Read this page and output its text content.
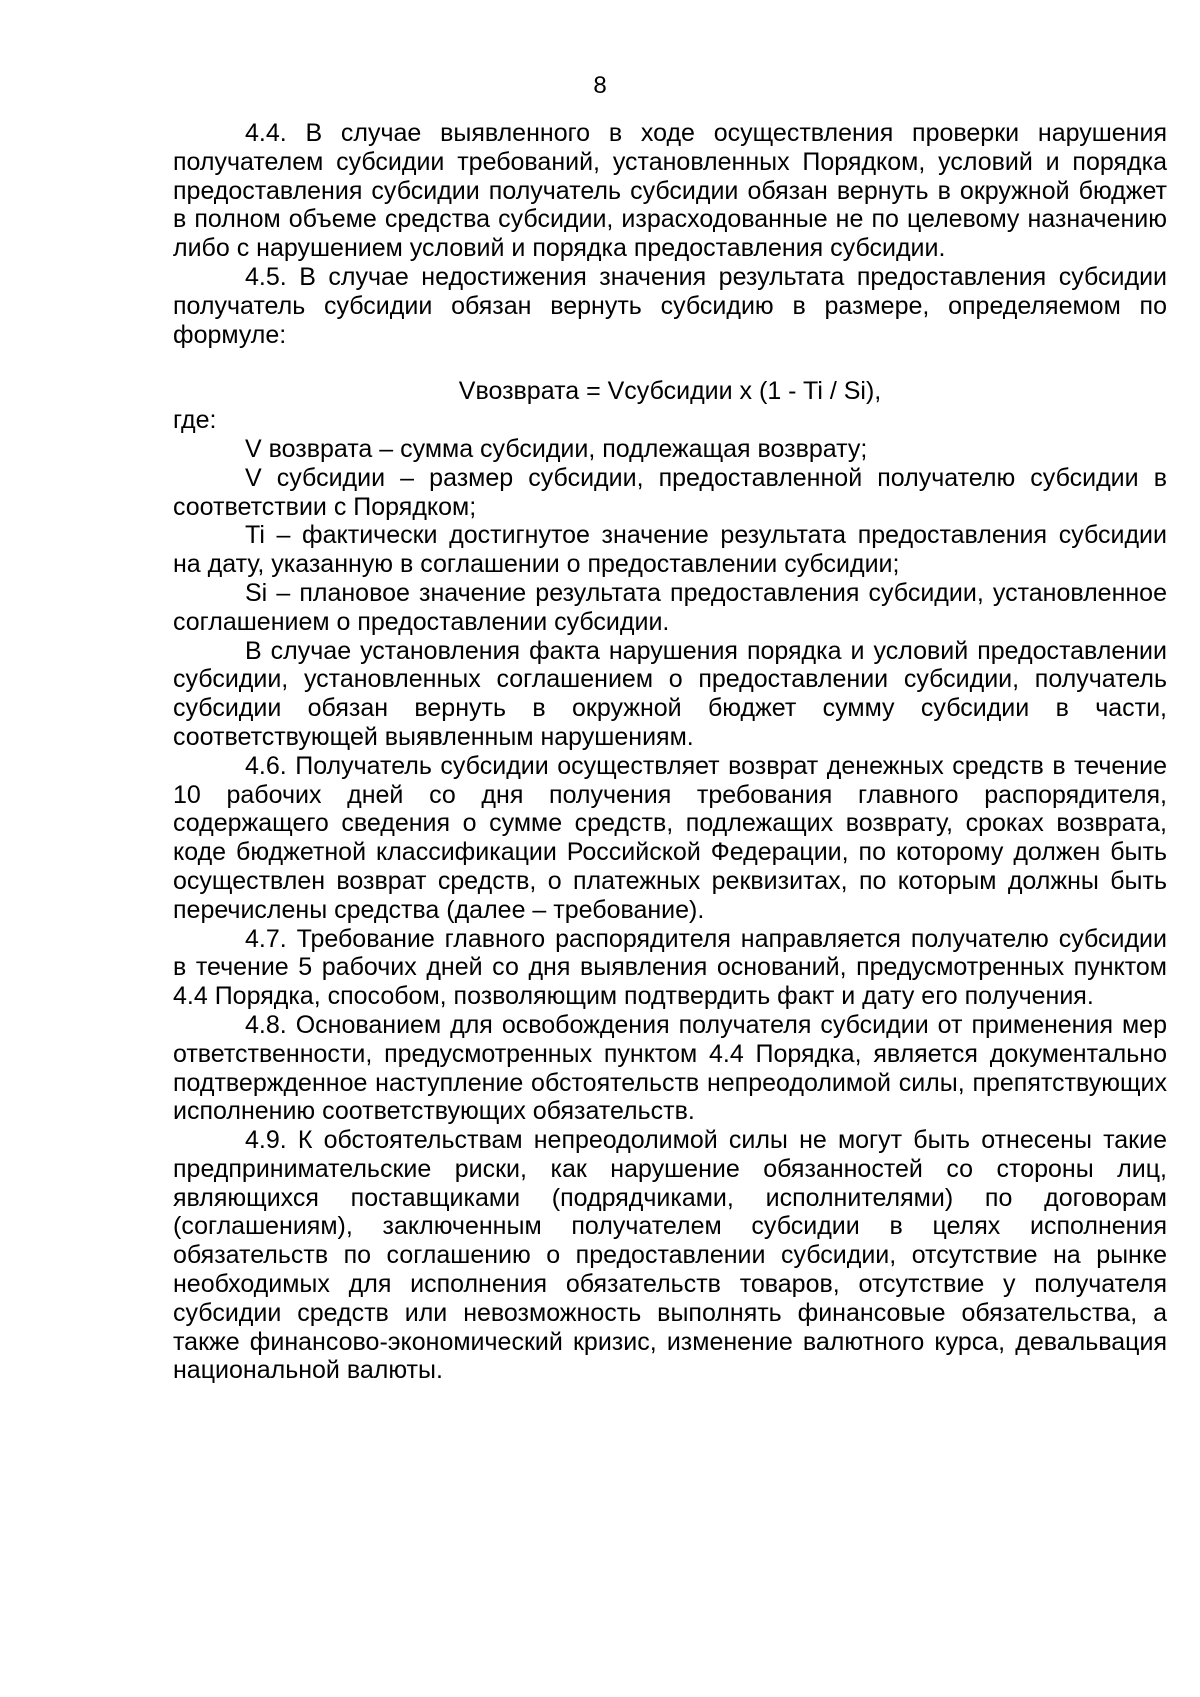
8

4.4. В случае выявленного в ходе осуществления проверки нарушения получателем субсидии требований, установленных Порядком, условий и порядка предоставления субсидии получатель субсидии обязан вернуть в окружной бюджет в полном объеме средства субсидии, израсходованные не по целевому назначению либо с нарушением условий и порядка предоставления субсидии.

4.5. В случае недостижения значения результата предоставления субсидии получатель субсидии обязан вернуть субсидию в размере, определяемом по формуле:

Vвозврата = Vсубсидии x (1 - Ti / Si),

где:

V возврата – сумма субсидии, подлежащая возврату;

V субсидии – размер субсидии, предоставленной получателю субсидии в соответствии с Порядком;

Ti – фактически достигнутое значение результата предоставления субсидии на дату, указанную в соглашении о предоставлении субсидии;

Si – плановое значение результата предоставления субсидии, установленное соглашением о предоставлении субсидии.

В случае установления факта нарушения порядка и условий предоставлении субсидии, установленных соглашением о предоставлении субсидии, получатель субсидии обязан вернуть в окружной бюджет сумму субсидии в части, соответствующей выявленным нарушениям.

4.6. Получатель субсидии осуществляет возврат денежных средств в течение 10 рабочих дней со дня получения требования главного распорядителя, содержащего сведения о сумме средств, подлежащих возврату, сроках возврата, коде бюджетной классификации Российской Федерации, по которому должен быть осуществлен возврат средств, о платежных реквизитах, по которым должны быть перечислены средства (далее – требование).

4.7. Требование главного распорядителя направляется получателю субсидии в течение 5 рабочих дней со дня выявления оснований, предусмотренных пунктом 4.4 Порядка, способом, позволяющим подтвердить факт и дату его получения.

4.8. Основанием для освобождения получателя субсидии от применения мер ответственности, предусмотренных пунктом 4.4 Порядка, является документально подтвержденное наступление обстоятельств непреодолимой силы, препятствующих исполнению соответствующих обязательств.

4.9. К обстоятельствам непреодолимой силы не могут быть отнесены такие предпринимательские риски, как нарушение обязанностей со стороны лиц, являющихся поставщиками (подрядчиками, исполнителями) по договорам (соглашениям), заключенным получателем субсидии в целях исполнения обязательств по соглашению о предоставлении субсидии, отсутствие на рынке необходимых для исполнения обязательств товаров, отсутствие у получателя субсидии средств или невозможность выполнять финансовые обязательства, а также финансово-экономический кризис, изменение валютного курса, девальвация национальной валюты.
